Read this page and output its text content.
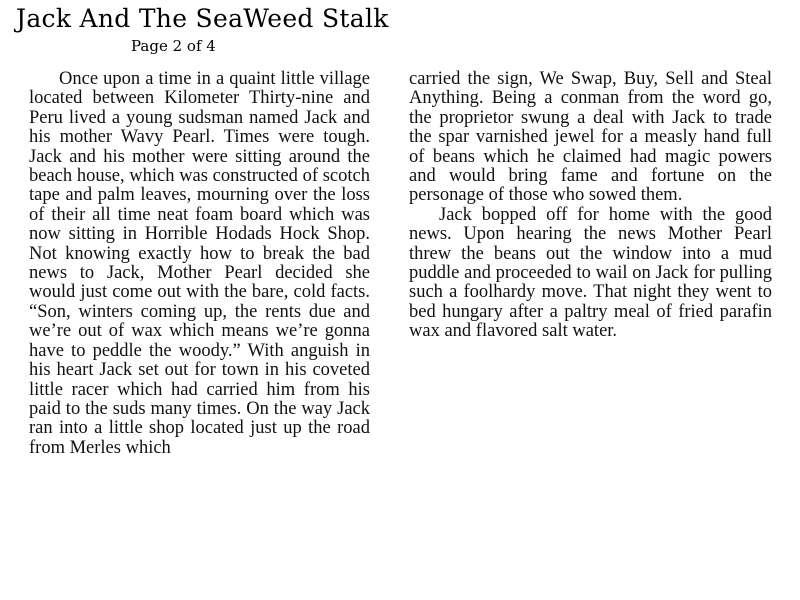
Jack And The SeaWeed Stalk
Page 2 of 4

Once upon a time in a quaint little village located between Kilometer Thirty-nine and Peru lived a young sudsman named Jack and his mother Wavy Pearl. Times were tough. Jack and his mother were sitting around the beach house, which was constructed of scotch tape and palm leaves, mourning over the loss of their all time neat foam board which was now sitting in Horrible Hodads Hock Shop. Not knowing exactly how to break the bad news to Jack, Mother Pearl decided she would just come out with the bare, cold facts. “Son, winters coming up, the rents due and we’re out of wax which means we’re gonna have to peddle the woody.” With anguish in his heart Jack set out for town in his coveted little racer which had carried him from his paid to the suds many times. On the way Jack ran into a little shop located just up the road from Merles which

carried the sign, We Swap, Buy, Sell and Steal Anything. Being a conman from the word go, the proprietor swung a deal with Jack to trade the spar varnished jewel for a measly hand full of beans which he claimed had magic powers and would bring fame and fortune on the personage of those who sowed them.

Jack bopped off for home with the good news. Upon hearing the news Mother Pearl threw the beans out the window into a mud puddle and proceeded to wail on Jack for pulling such a foolhardy move. That night they went to bed hungary after a paltry meal of fried parafin wax and flavored salt water.
